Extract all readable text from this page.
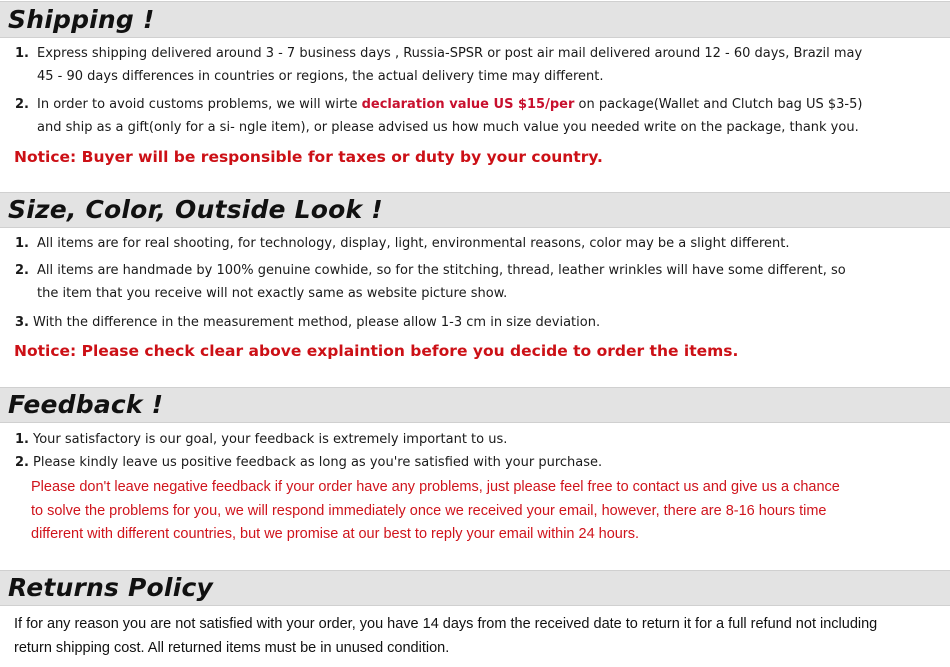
Shipping !
1. Express shipping delivered around 3 - 7 business days , Russia-SPSR or post air mail delivered around 12 - 60 days, Brazil may
45 - 90 days differences in countries or regions, the actual delivery time may different.
2. In order to avoid customs problems, we will wirte declaration value US $15/per on package(Wallet and Clutch bag US $3-5)
and ship as a gift(only for a si- ngle item), or please advised us how much value you needed write on the package, thank you.
Notice: Buyer will be responsible for taxes or duty by your country.
Size, Color, Outside Look !
1. All items are for real shooting, for technology, display, light, environmental reasons, color may be a slight different.
2. All items are handmade by 100% genuine cowhide, so for the stitching, thread, leather wrinkles will have some different, so
the item that you receive will not exactly same as website picture show.
3. With the difference in the measurement method, please allow 1-3 cm in size deviation.
Notice: Please check clear above explaintion before you decide to order the items.
Feedback !
1. Your satisfactory is our goal, your feedback is extremely important to us.
2. Please kindly leave us positive feedback as long as you're satisfied with your purchase.
Please don't leave negative feedback if your order have any problems, just please feel free to contact us and give us a chance
to solve the problems for you, we will respond immediately once we received your email, however, there are 8-16 hours time
different with different countries, but we promise at our best to reply your email within 24 hours.
Returns Policy
If for any reason you are not satisfied with your order, you have 14 days from the received date to return it for a full refund not including
return shipping cost. All returned items must be in unused condition.
